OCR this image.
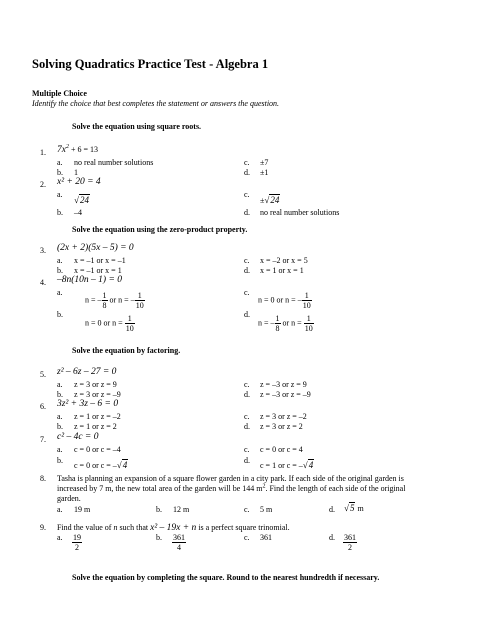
Solving Quadratics Practice Test - Algebra 1
Multiple Choice
Identify the choice that best completes the statement or answers the question.
Solve the equation using square roots.
1. $7x^2 + 6 = 13$
a. no real number solutions
b. 1
c. ±7
d. ±1
2. x² + 20 = 4
a.
√24
b. –4
c.
±√24
d. no real number solutions
Solve the equation using the zero-product property.
3. (2x + 2)(5x – 5) = 0
a. x = –1 or x = –1
b. x = –1 or x = 1
c. x = –2 or x = 5
d. x = 1 or x = 1
4. –8n(10n – 1) = 0
a.
n = – $\frac{1}{8}$ or n = – $\frac{1}{10}$
b.
n = 0 or $n = \frac{1}{10}$
c.
n = 0 or n = – $\frac{1}{10}$
d.
n = – $\frac{1}{8}$ or $n = \frac{1}{10}$
Solve the equation by factoring.
5. z² – 6z – 27 = 0
a. z = 3 or z = 9
b. z = 3 or z = –9
c. z = –3 or z = 9
d. z = –3 or z = –9
6. 3z² + 3z – 6 = 0
a. z = 1 or z = –2
b. z = 1 or z = 2
c. z = 3 or z = –2
d. z = 3 or z = 2
7. c² – 4c = 0
a. c = 0 or c = –4
b.
c = 0 or c = –√4
c. c = 0 or c = 4
d.
c = 1 or c = –√4
8. Tasha is planning an expansion of a square flower garden in a city park. If each side of the original garden is
increased by 7 m, the new total area of the garden will be 144 $m^2$. Find the length of each side of the original
garden.
a. 19 m	b. 12 m	c. 5 m	d. √5 m
9. Find the value of n such that x² – 19x + n is a perfect square trinomial.
a. $\frac{19}{2}$	b. $\frac{361}{4}$	c. 361	d. $\frac{361}{2}$
Solve the equation by completing the square. Round to the nearest hundredth if necessary.
